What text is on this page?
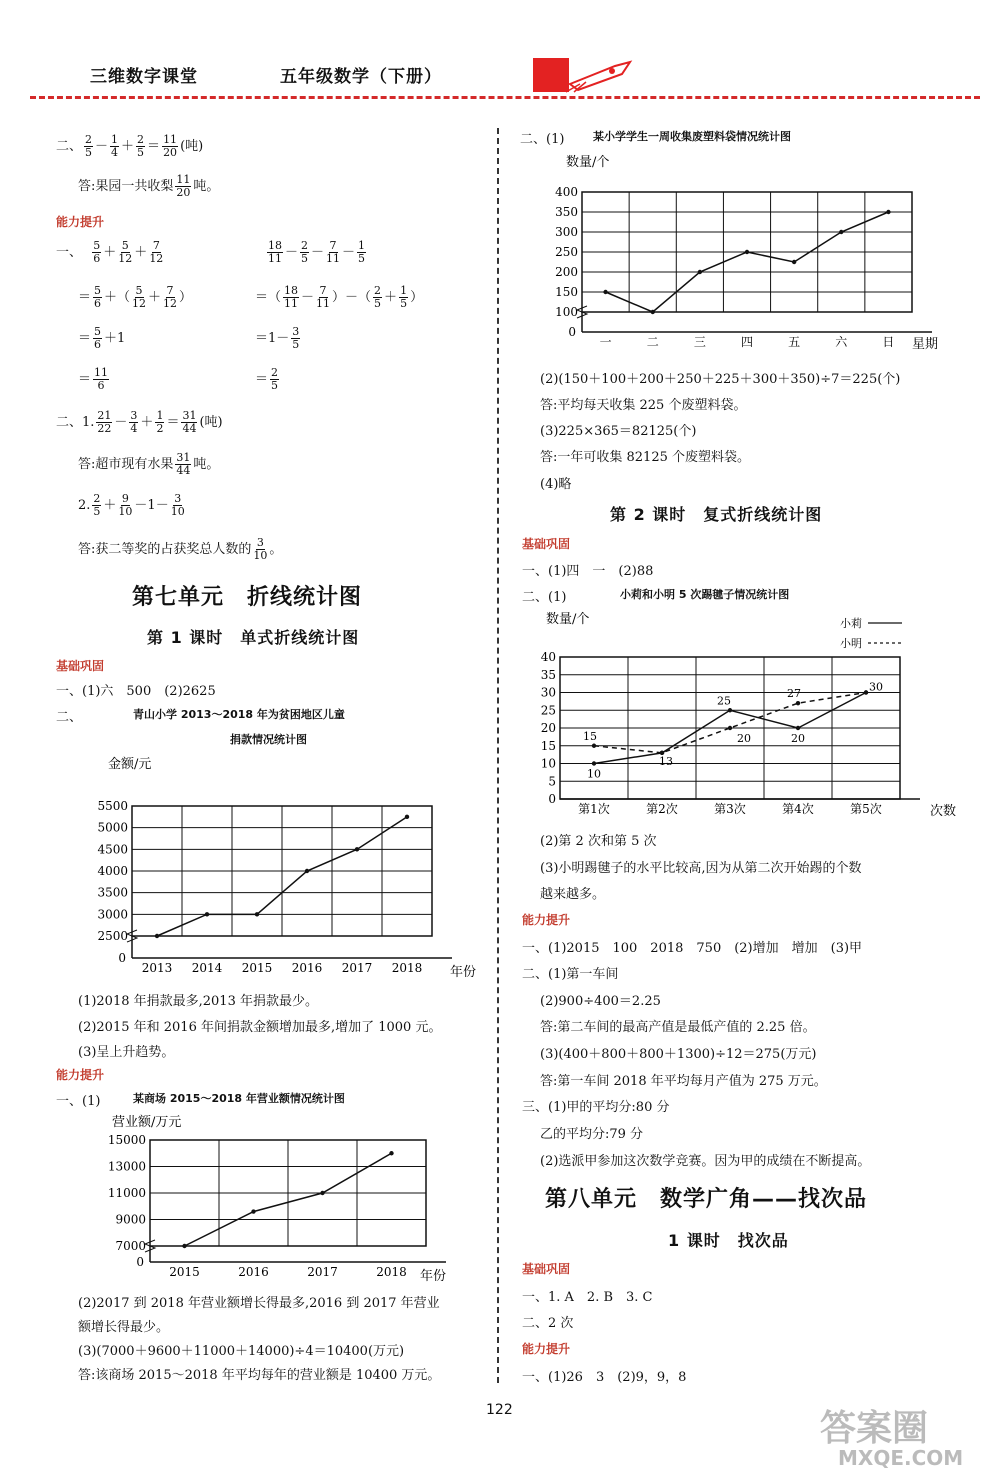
三维数字课堂	五年级数学（下册）
二、 $\frac{2}{5} - \frac{1}{4} + \frac{2}{5} = \frac{11}{20}$ (吨)
答:果园一共收梨 $\frac{11}{20}$ 吨。
能力提升
一、 $\frac{5}{6} + \frac{5}{12} + \frac{7}{12}$
＝ $\frac{5}{6}$ ＋（ $\frac{5}{12} + \frac{7}{12}$ ）
＝ $\frac{5}{6} +1$
＝ $\frac{11}{6}$
$\frac{18}{11} - \frac{2}{5} - \frac{7}{11} - \frac{1}{5}$
＝（ $\frac{18}{11} - \frac{7}{11}$ ）－（ $\frac{2}{5} + \frac{1}{5}$ ）
$=1- \frac{3}{5}$
＝ $\frac{2}{5}$
二、1. $\frac{21}{22} - \frac{3}{4} + \frac{1}{2} = \frac{31}{44}$ (吨)
答:超市现有水果 $\frac{31}{44}$ 吨。
2. $\frac{2}{5} + \frac{9}{10} -1- \frac{3}{10}$
答:获二等奖的占获奖总人数的 $\frac{3}{10}$ 。
第七单元　折线统计图
第 1 课时　单式折线统计图
基础巩固
一、(1)六　500　(2)2625
二、	青山小学 2013～2018 年为贫困地区儿童
捐款情况统计图
2500
3000
3500
4000
4500
5000
5500
0
2013 2014 2015 2016 2017 2018
金额/元
年份
(1)2018 年捐款最多,2013 年捐款最少。
(2)2015 年和 2016 年间捐款金额增加最多,增加了 1000 元。
(3)呈上升趋势。
能力提升
一、(1)	某商场 2015～2018 年营业额情况统计图
7000
9000
11000
13000
15000
0
2015	2016	2017	2018
营业额/万元
年份
(2)2017 到 2018 年营业额增长得最多,2016 到 2017 年营业
额增长得最少。
(3)(7000＋9600＋11000＋14000)÷4＝10400(万元)
答:该商场 2015～2018 年平均每年的营业额是 10400 万元。
二、(1)	某小学学生一周收集废塑料袋情况统计图
100
150
200
250
300
350
400
0
一	二	三	四	五	六	日
数量/个
星期
(2)(150＋100＋200＋250＋225＋300＋350)÷7＝225(个)
答:平均每天收集 225 个废塑料袋。
(3)225×365＝82125(个)
答:一年可收集 82125 个废塑料袋。
(4)略
第 2 课时　复式折线统计图
基础巩固
一、(1)四　一　(2)88
二、(1)	小莉和小明 5 次踢毽子情况统计图
0
5
10
15
20
25
30
35
40
第1次	第2次	第3次	第4次	第5次
数量/个
次数
15
10
13
25
20	20
27
30
小莉
小明
(2)第 2 次和第 5 次
(3)小明踢毽子的水平比较高,因为从第二次开始踢的个数
越来越多。
能力提升
一、(1)2015　100　2018　750　(2)增加　增加　(3)甲
二、(1)第一车间
(2)900÷400＝2.25
答:第二车间的最高产值是最低产值的 2.25 倍。
(3)(400＋800＋800＋1300)÷12＝275(万元)
答:第一车间 2018 年平均每月产值为 275 万元。
三、(1)甲的平均分:80 分
乙的平均分:79 分
(2)选派甲参加这次数学竞赛。因为甲的成绩在不断提高。
第八单元　数学广角——找次品
1 课时　找次品
基础巩固
一、1. A　2. B　3. C
二、2 次
能力提升
一、(1)26　3　(2)9，9，8
122	答案圈
MXQE.COM
